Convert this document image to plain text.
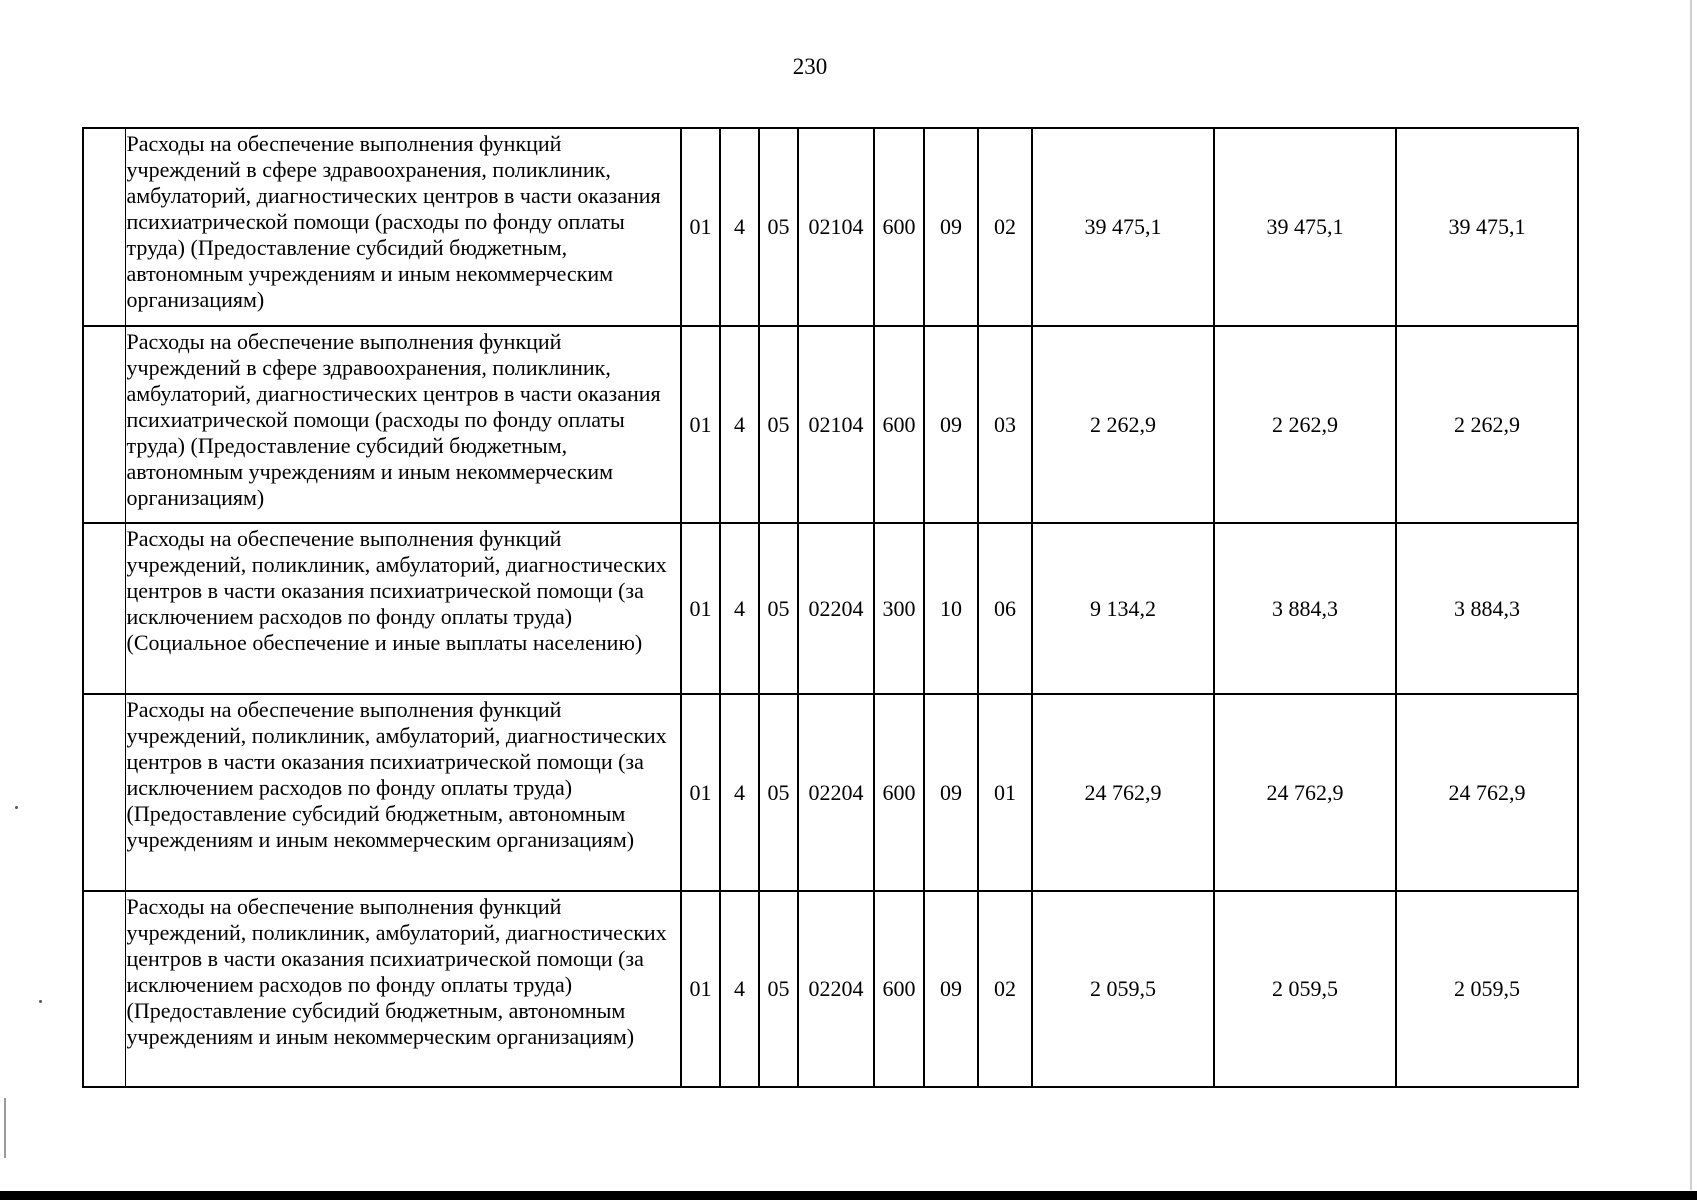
230
	Расходы на обеспечение выполнения функций учреждений в сфере здравоохранения, поликлиник, амбулаторий, диагностических центров в части оказания психиатрической помощи (расходы по фонду оплаты труда) (Предоставление субсидий бюджетным, автономным учреждениям и иным некоммерческим организациям)	01	4	05	02104	600	09	02	39 475,1	39 475,1	39 475,1
	Расходы на обеспечение выполнения функций учреждений в сфере здравоохранения, поликлиник, амбулаторий, диагностических центров в части оказания психиатрической помощи (расходы по фонду оплаты труда) (Предоставление субсидий бюджетным, автономным учреждениям и иным некоммерческим организациям)	01	4	05	02104	600	09	03	2 262,9	2 262,9	2 262,9
	Расходы на обеспечение выполнения функций учреждений, поликлиник, амбулаторий, диагностических центров в части оказания психиатрической помощи (за исключением расходов по фонду оплаты труда) (Социальное обеспечение и иные выплаты населению)	01	4	05	02204	300	10	06	9 134,2	3 884,3	3 884,3
	Расходы на обеспечение выполнения функций учреждений, поликлиник, амбулаторий, диагностических центров в части оказания психиатрической помощи (за исключением расходов по фонду оплаты труда) (Предоставление субсидий бюджетным, автономным учреждениям и иным некоммерческим организациям)	01	4	05	02204	600	09	01	24 762,9	24 762,9	24 762,9
	Расходы на обеспечение выполнения функций учреждений, поликлиник, амбулаторий, диагностических центров в части оказания психиатрической помощи (за исключением расходов по фонду оплаты труда) (Предоставление субсидий бюджетным, автономным учреждениям и иным некоммерческим организациям)	01	4	05	02204	600	09	02	2 059,5	2 059,5	2 059,5
